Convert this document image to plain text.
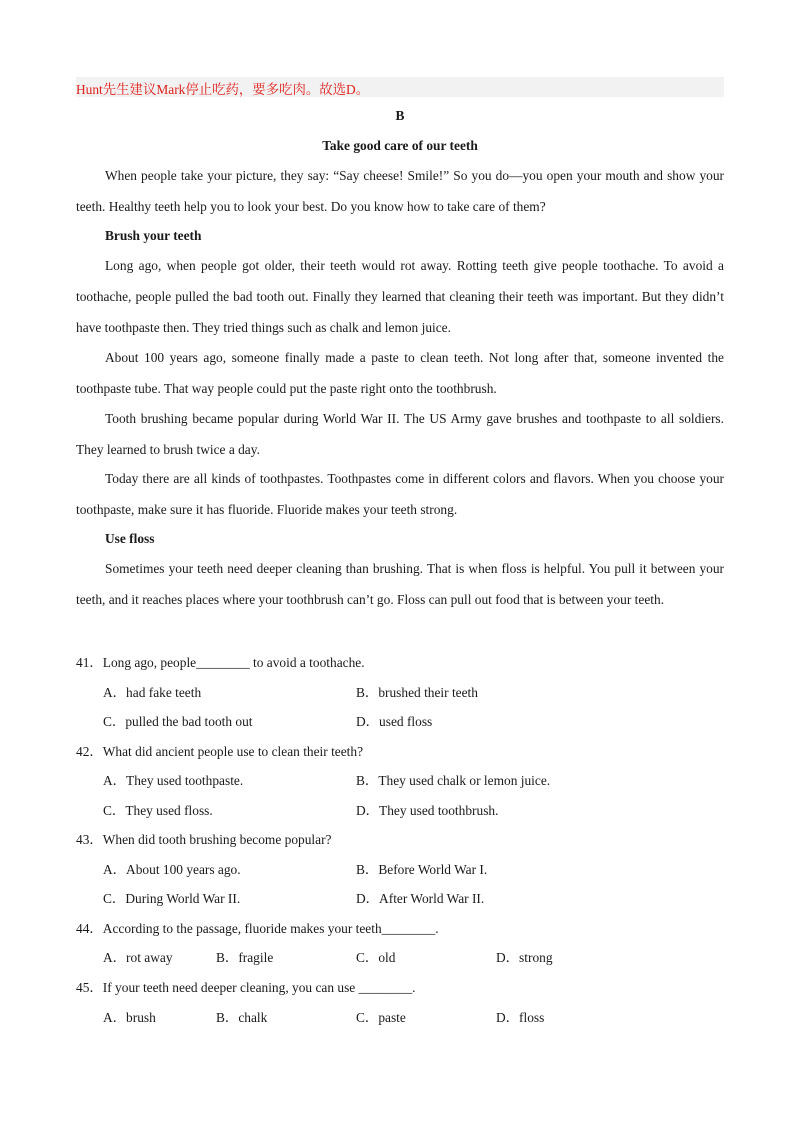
Hunt先生建议Mark停止吃药，要多吃肉。故选D。
B
Take good care of our teeth

When people take your picture, they say: “Say cheese! Smile!” So you do—you open your mouth and show your teeth. Healthy teeth help you to look your best. Do you know how to take care of them?

Brush your teeth

Long ago, when people got older, their teeth would rot away. Rotting teeth give people toothache. To avoid a toothache, people pulled the bad tooth out. Finally they learned that cleaning their teeth was important. But they didn’t have toothpaste then. They tried things such as chalk and lemon juice.

About 100 years ago, someone finally made a paste to clean teeth. Not long after that, someone invented the toothpaste tube. That way people could put the paste right onto the toothbrush.

Tooth brushing became popular during World War II. The US Army gave brushes and toothpaste to all soldiers. They learned to brush twice a day.

Today there are all kinds of toothpastes. Toothpastes come in different colors and flavors. When you choose your toothpaste, make sure it has fluoride. Fluoride makes your teeth strong.

Use floss

Sometimes your teeth need deeper cleaning than brushing. That is when floss is helpful. You pull it between your teeth, and it reaches places where your toothbrush can’t go. Floss can pull out food that is between your teeth.

41．Long ago, people________ to avoid a toothache.
A．had fake teeth	B．brushed their teeth
C．pulled the bad tooth out	D．used floss
42．What did ancient people use to clean their teeth?
A．They used toothpaste.	B．They used chalk or lemon juice.
C．They used floss.	D．They used toothbrush.
43．When did tooth brushing become popular?
A．About 100 years ago.	B．Before World War I.
C．During World War II.	D．After World War II.
44．According to the passage, fluoride makes your teeth________.
A．rot away	B．fragile	C．old	D．strong
45．If your teeth need deeper cleaning, you can use ________.
A．brush	B．chalk	C．paste	D．floss
